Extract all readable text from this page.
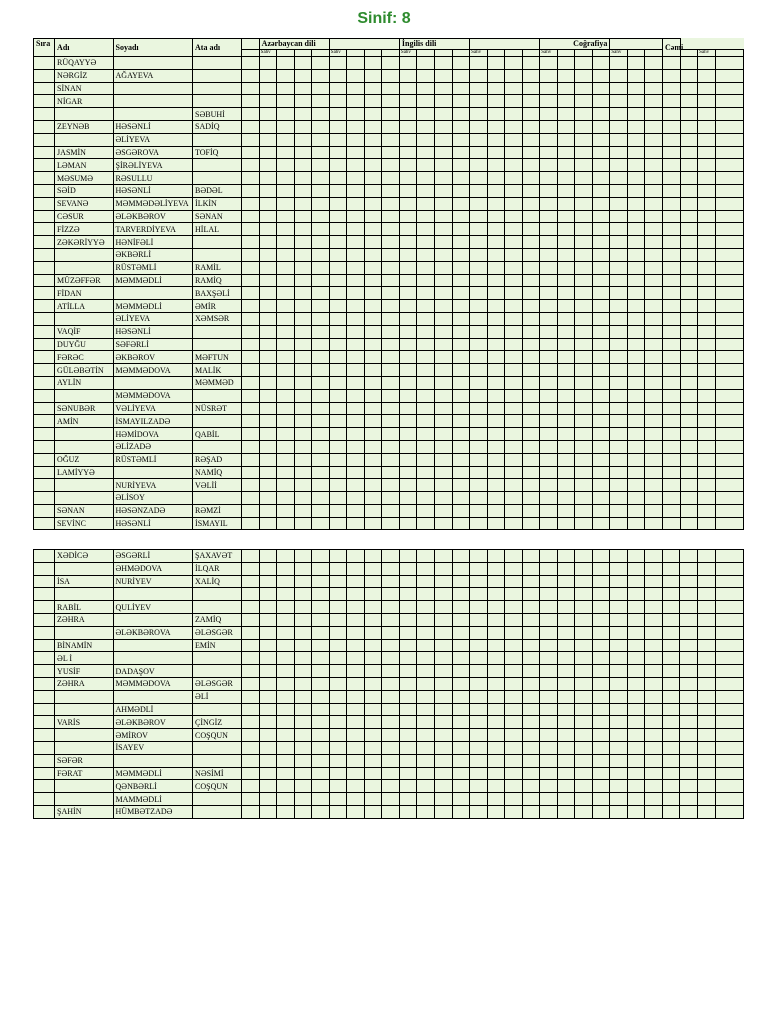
Sinif: 8
Sıra	Adı	Soyadı	Ata adı		Azərbaycan dili								İngilis dili								Coğrafiya							Cəmi			
					Sahv				Sahv				Sahv				Sahv				Sahv				Sahv					Sahv	
	RÜQAYYƏ																														
	NƏRGİZ	AĞAYEVA																													
	SİNAN																														
	NİGAR																														
			SƏBUHİ																												
	ZEYNƏB	HƏSƏNLİ	SADİQ																												
		ƏLİYEVA																													
	JASMİN	ƏSGƏROVA	TOFİQ																												
	LƏMAN	ŞİRƏLİYEVA																													
	MƏSUMƏ	RƏSULLU																													
	SƏİD	HƏSƏNLİ	BƏDƏL																												
	SEVANƏ	MƏMMƏDƏLİYEVA	İLKİN																												
	CƏSUR	ƏLƏKBƏROV	SƏNAN																												
	FİZZƏ	TARVERDİYEVA	HİLAL																												
	ZƏKƏRİYYƏ	HƏNİFƏLİ																													
		ƏKBƏRLİ																													
		RÜSTƏMLİ	RAMİL																												
	MÜZƏFFƏR	MƏMMƏDLİ	RAMİQ																												
	FİDAN		BAXŞƏLİ																												
	ATİLLA	MƏMMƏDLİ	ƏMİR																												
		ƏLİYEVA	XƏMSƏR																												
	VAQİF	HƏSƏNLİ																													
	DUYĞU	SƏFƏRLİ																													
	FƏRƏC	ƏKBƏROV	MƏFTUN																												
	GÜLƏBƏTİN	MƏMMƏDOVA	MALİK																												
	AYLİN		MƏMMƏD																												
		MƏMMƏDOVA																													
	SƏNUBƏR	VƏLİYEVA	NÜSRƏT																												
	AMİN	İSMAYILZADƏ																													
		HƏMİDOVA	QABİL																												
		ƏLİZADƏ																													
	OĞUZ	RÜSTƏMLİ	RƏŞAD																												
	LAMİYYƏ		NAMİQ																												
		NURİYEVA	VƏLİİ																												
		ƏLİSOY																													
	SƏNAN	HƏSƏNZADƏ	RƏMZİ																												
	SEVİNC	HƏSƏNLİ	İSMAYIL																												
	XƏDİCƏ	ƏSGƏRLİ	ŞAXAVƏT																												
		ƏHMƏDOVA	İLQAR																												
	İSA	NURİYEV	XALİQ																												

	RABİL	QULİYEV																													
	ZƏHRA		ZAMİQ																												
		ƏLƏKBƏROVA	ƏLƏSGƏR																												
	BİNAMİN		EMİN																												
	ƏL İ																														
	YUSİF	DADAŞOV																													
	ZƏHRA	MƏMMƏDOVA	ƏLƏSGƏR																												
			ƏLİ																												
		AHMƏDLİ																													
	VARİS	ƏLƏKBƏROV	ÇİNGİZ																												
		ƏMİROV	COŞQUN																												
		İSAYEV																													
	SƏFƏR																														
	FƏRAT	MƏMMƏDLİ	NƏSİMİ																												
		QƏNBƏRLİ	COŞQUN																												
		MAMMƏDLİ																													
	ŞAHİN	HÜMBƏTZADƏ																													
